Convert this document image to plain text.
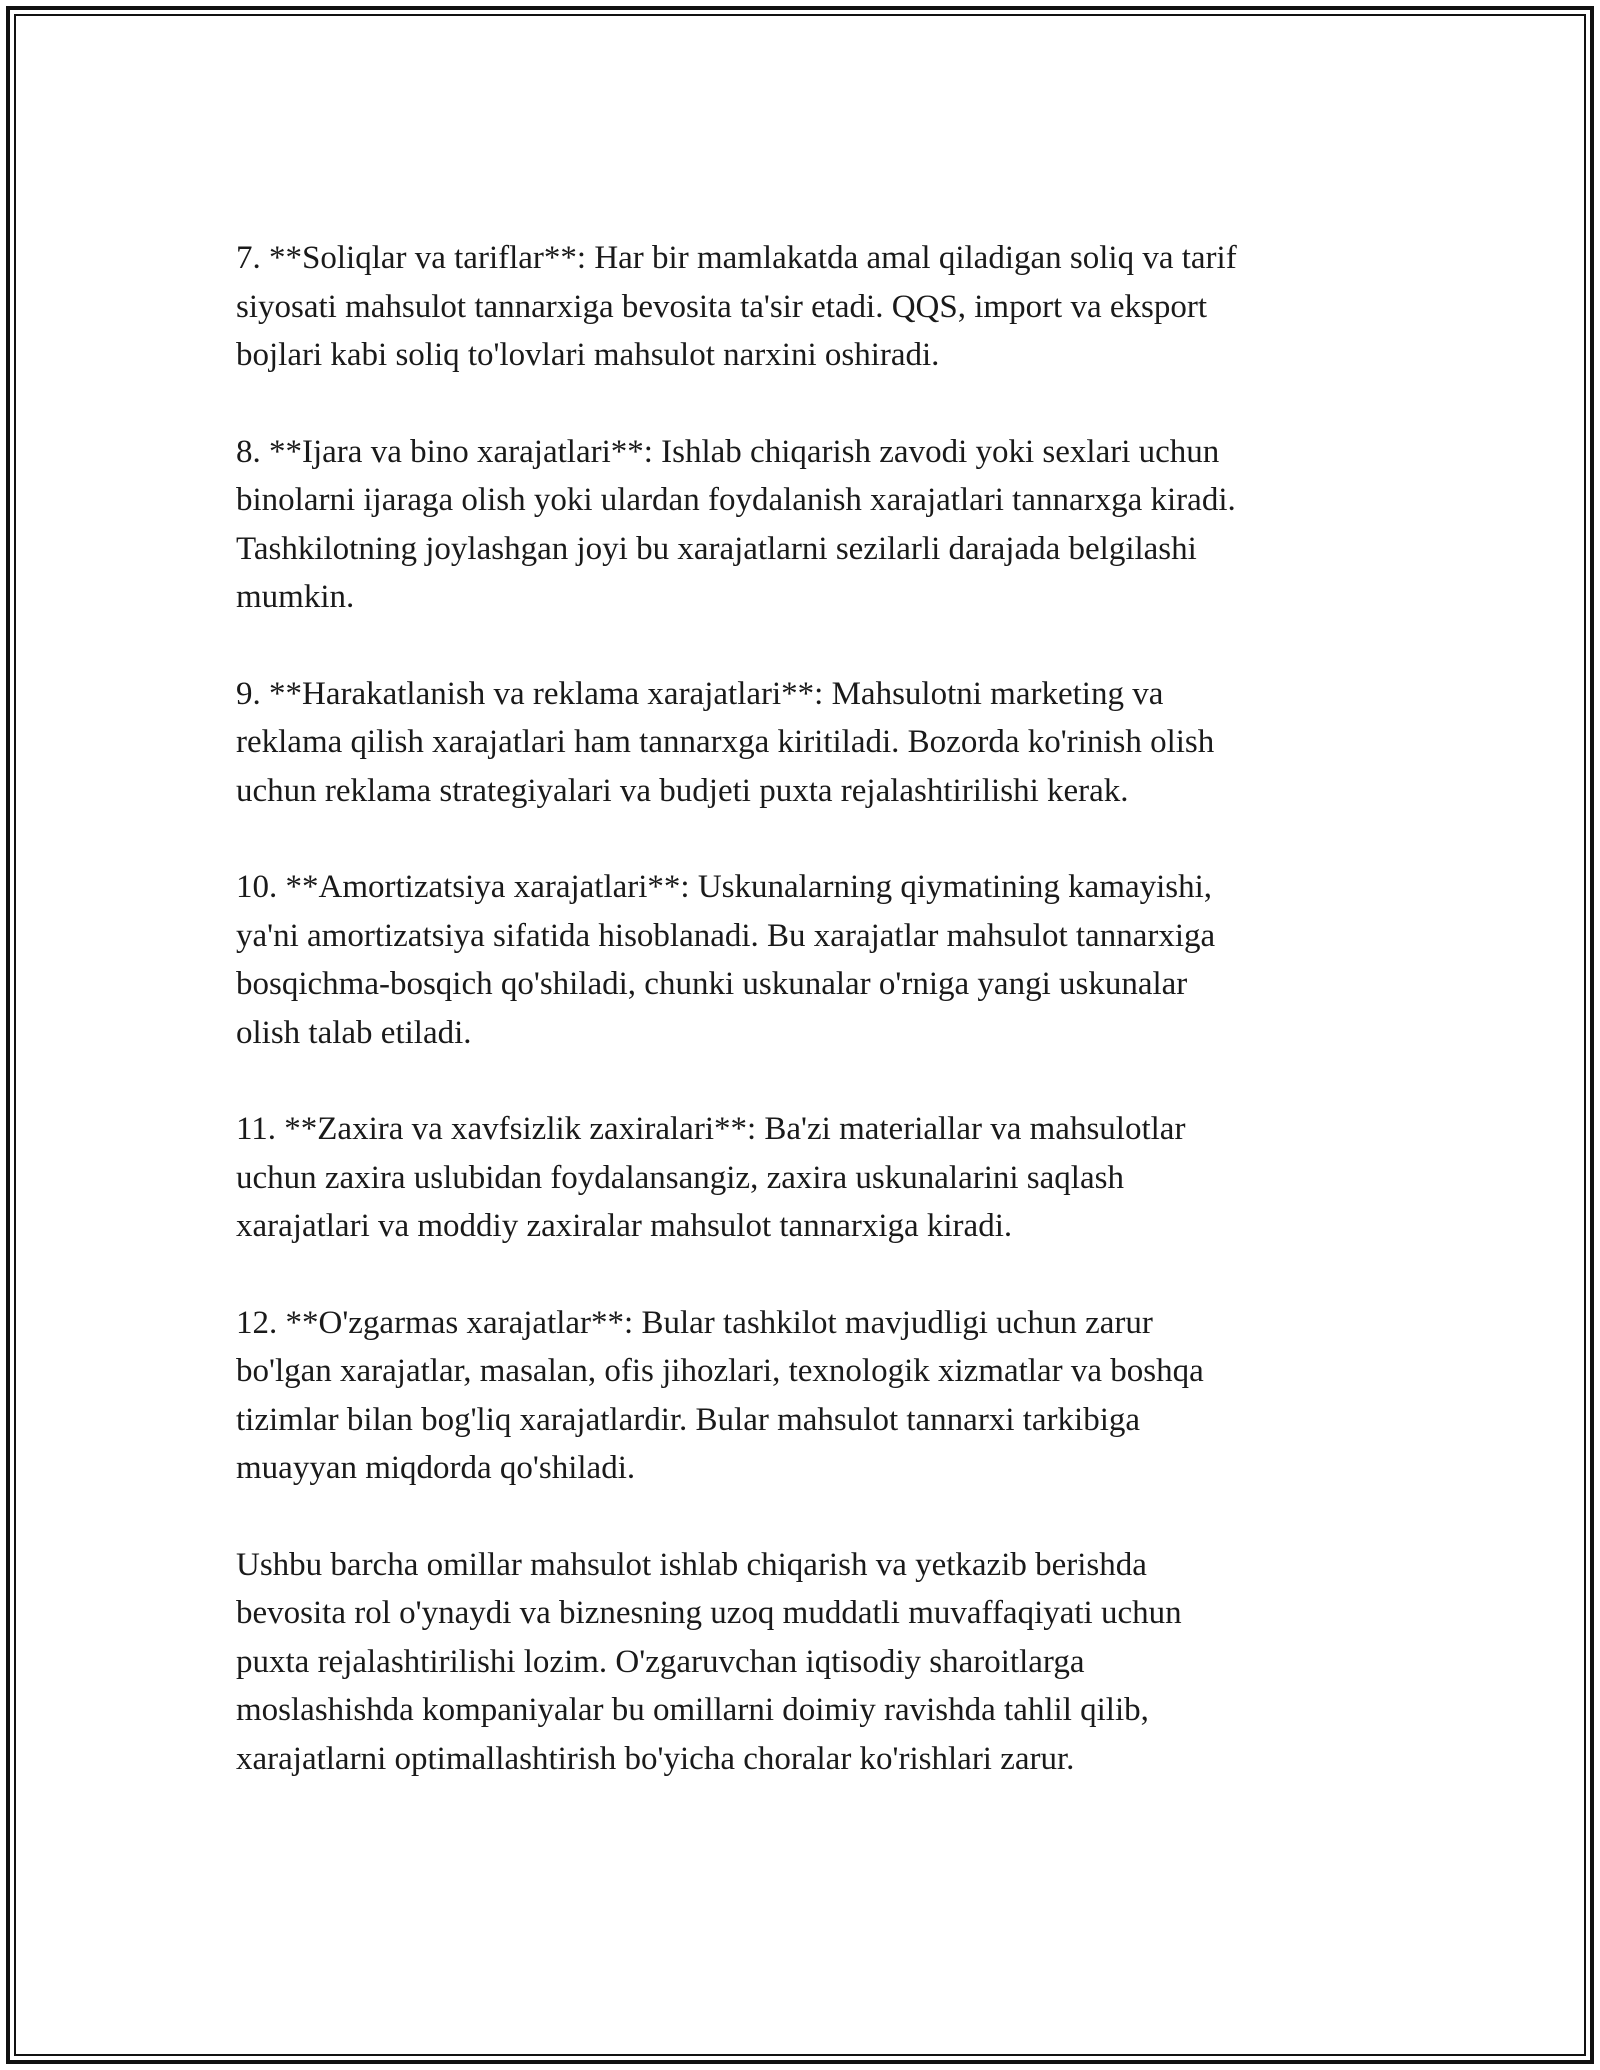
7. **Soliqlar va tariflar**: Har bir mamlakatda amal qiladigan soliq va tarif
siyosati mahsulot tannarxiga bevosita ta'sir etadi. QQS, import va eksport
bojlari kabi soliq to'lovlari mahsulot narxini oshiradi.

8. **Ijara va bino xarajatlari**: Ishlab chiqarish zavodi yoki sexlari uchun
binolarni ijaraga olish yoki ulardan foydalanish xarajatlari tannarxga kiradi.
Tashkilotning joylashgan joyi bu xarajatlarni sezilarli darajada belgilashi
mumkin.

9. **Harakatlanish va reklama xarajatlari**: Mahsulotni marketing va
reklama qilish xarajatlari ham tannarxga kiritiladi. Bozorda ko'rinish olish
uchun reklama strategiyalari va budjeti puxta rejalashtirilishi kerak.

10. **Amortizatsiya xarajatlari**: Uskunalarning qiymatining kamayishi,
ya'ni amortizatsiya sifatida hisoblanadi. Bu xarajatlar mahsulot tannarxiga
bosqichma-bosqich qo'shiladi, chunki uskunalar o'rniga yangi uskunalar
olish talab etiladi.

11. **Zaxira va xavfsizlik zaxiralari**: Ba'zi materiallar va mahsulotlar
uchun zaxira uslubidan foydalansangiz, zaxira uskunalarini saqlash
xarajatlari va moddiy zaxiralar mahsulot tannarxiga kiradi.

12. **O'zgarmas xarajatlar**: Bular tashkilot mavjudligi uchun zarur
bo'lgan xarajatlar, masalan, ofis jihozlari, texnologik xizmatlar va boshqa
tizimlar bilan bog'liq xarajatlardir. Bular mahsulot tannarxi tarkibiga
muayyan miqdorda qo'shiladi.

Ushbu barcha omillar mahsulot ishlab chiqarish va yetkazib berishda
bevosita rol o'ynaydi va biznesning uzoq muddatli muvaffaqiyati uchun
puxta rejalashtirilishi lozim. O'zgaruvchan iqtisodiy sharoitlarga
moslashishda kompaniyalar bu omillarni doimiy ravishda tahlil qilib,
xarajatlarni optimallashtirish bo'yicha choralar ko'rishlari zarur.
